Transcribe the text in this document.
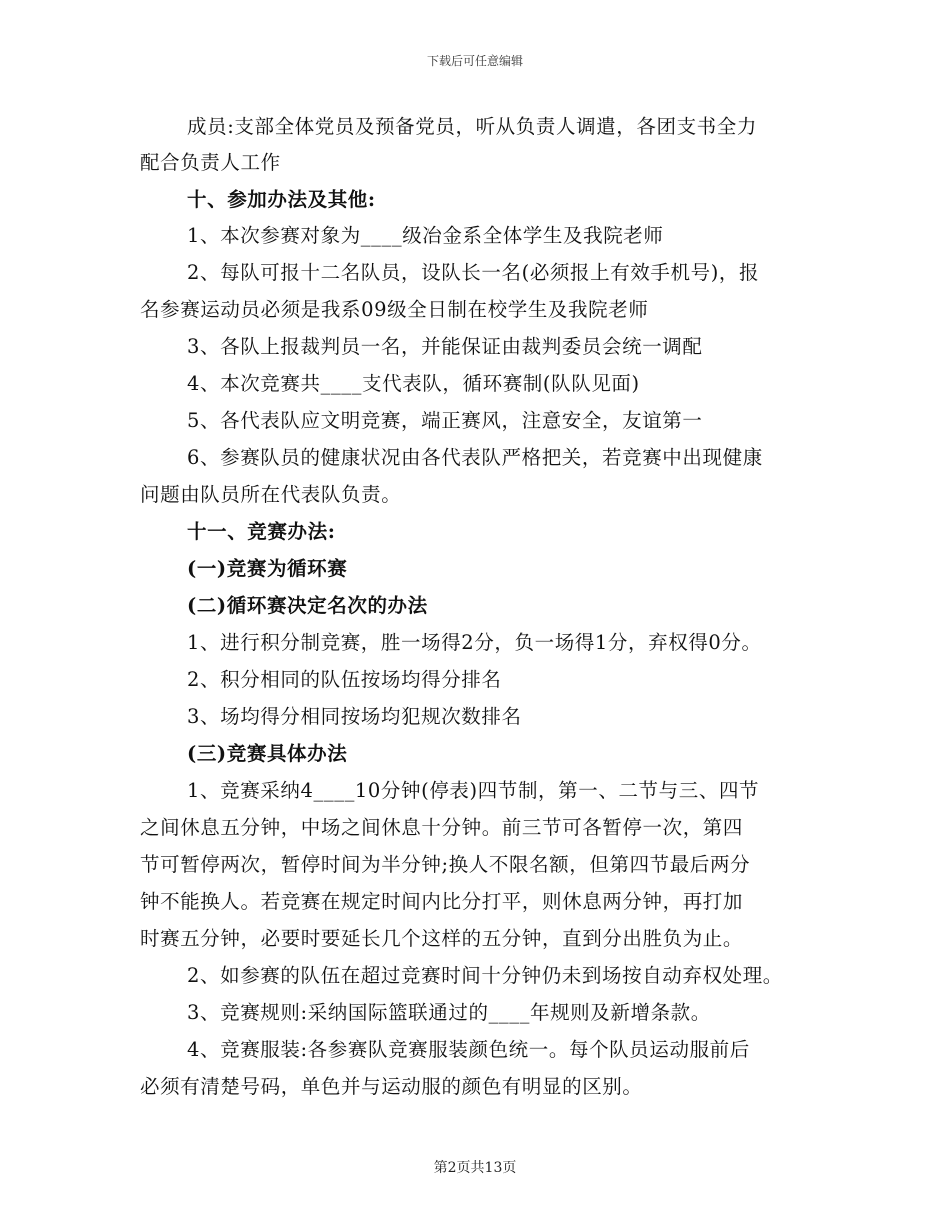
下载后可任意编辑
成员:支部全体党员及预备党员，听从负责人调遣，各团支书全力
配合负责人工作
十、参加办法及其他:
1、本次参赛对象为____级冶金系全体学生及我院老师
2、每队可报十二名队员，设队长一名(必须报上有效手机号)，报
名参赛运动员必须是我系09级全日制在校学生及我院老师
3、各队上报裁判员一名，并能保证由裁判委员会统一调配
4、本次竞赛共____支代表队，循环赛制(队队见面)
5、各代表队应文明竞赛，端正赛风，注意安全，友谊第一
6、参赛队员的健康状况由各代表队严格把关，若竞赛中出现健康
问题由队员所在代表队负责。
十一、竞赛办法:
(一)竞赛为循环赛
(二)循环赛决定名次的办法
1、进行积分制竞赛，胜一场得2分，负一场得1分，弃权得0分。
2、积分相同的队伍按场均得分排名
3、场均得分相同按场均犯规次数排名
(三)竞赛具体办法
1、竞赛采纳4____10分钟(停表)四节制，第一、二节与三、四节
之间休息五分钟，中场之间休息十分钟。前三节可各暂停一次，第四
节可暂停两次，暂停时间为半分钟;换人不限名额，但第四节最后两分
钟不能换人。若竞赛在规定时间内比分打平，则休息两分钟，再打加
时赛五分钟，必要时要延长几个这样的五分钟，直到分出胜负为止。
2、如参赛的队伍在超过竞赛时间十分钟仍未到场按自动弃权处理。
3、竞赛规则:采纳国际篮联通过的____年规则及新增条款。
4、竞赛服装:各参赛队竞赛服装颜色统一。每个队员运动服前后
必须有清楚号码，单色并与运动服的颜色有明显的区别。
第2页共13页
